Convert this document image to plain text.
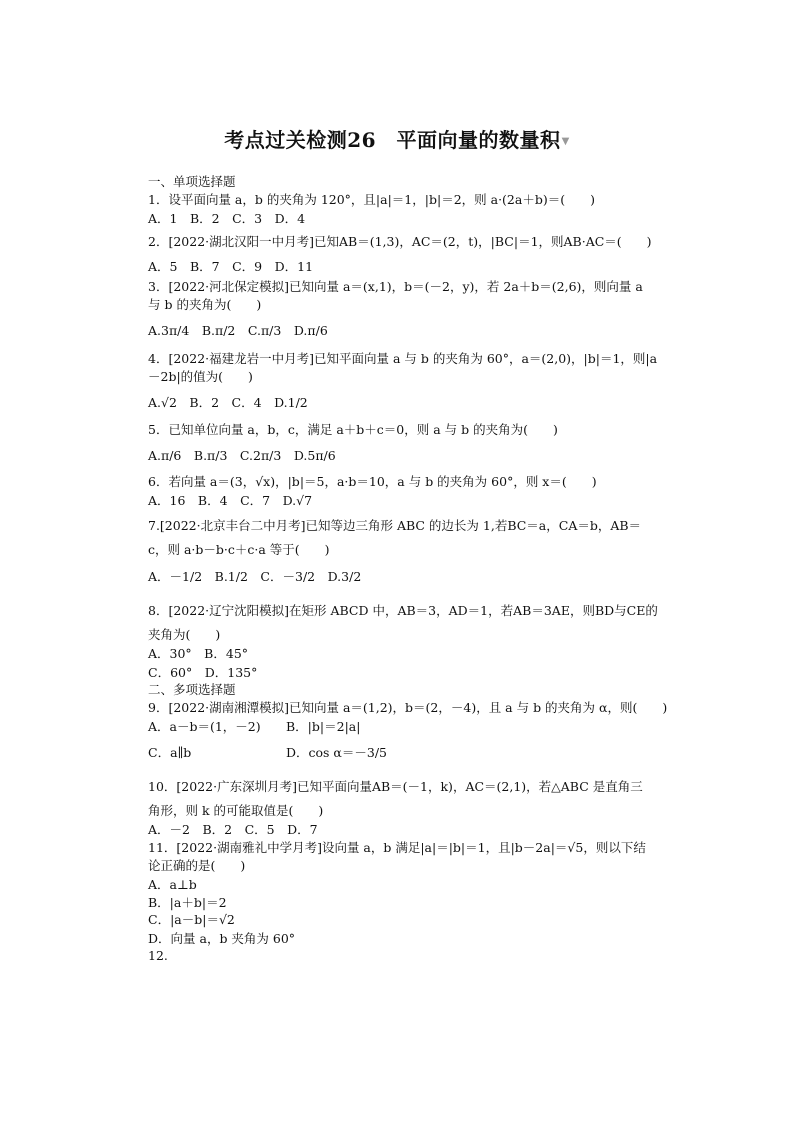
考点过关检测26　平面向量的数量积▼
一、单项选择题
1．设平面向量 a，b 的夹角为 120°，且|a|＝1，|b|＝2，则 a·(2a＋b)＝(　　)
A．1　B．2　C．3　D．4
2．[2022·湖北汉阳一中月考]已知AB＝(1,3)，AC＝(2，t)，|BC|＝1，则AB·AC＝(　　)
A．5　B．7　C．9　D．11
3．[2022·河北保定模拟]已知向量 a＝(x,1)，b＝(－2，y)，若 2a＋b＝(2,6)，则向量 a
与 b 的夹角为(　　)
A.3π/4　B.π/2　C.π/3　D.π/6
4．[2022·福建龙岩一中月考]已知平面向量 a 与 b 的夹角为 60°，a＝(2,0)，|b|＝1，则|a
－2b|的值为(　　)
A.√2　B．2　C．4　D.1/2
5．已知单位向量 a，b，c，满足 a＋b＋c＝0，则 a 与 b 的夹角为(　　)
A.π/6　B.π/3　C.2π/3　D.5π/6
6．若向量 a＝(3，√x)，|b|＝5，a·b＝10，a 与 b 的夹角为 60°，则 x＝(　　)
A．16　B．4　C．7　D.√7
7.[2022·北京丰台二中月考]已知等边三角形 ABC 的边长为 1,若BC＝a，CA＝b，AB＝
c，则 a·b－b·c＋c·a 等于(　　)
A．－1/2　B.1/2　C．－3/2　D.3/2
8．[2022·辽宁沈阳模拟]在矩形 ABCD 中，AB＝3，AD＝1，若AB＝3AE，则BD与CE的
夹角为(　　)
A．30°　B．45°
C．60°　D．135°
二、多项选择题
9．[2022·湖南湘潭模拟]已知向量 a＝(1,2)，b＝(2，－4)，且 a 与 b 的夹角为 α，则(　　)
A．a－b＝(1，－2)	B．|b|＝2|a|
C．a∥b	D．cos α＝－3/5
10．[2022·广东深圳月考]已知平面向量AB＝(－1，k)，AC＝(2,1)，若△ABC 是直角三
角形，则 k 的可能取值是(　　)
A．－2　B．2　C．5　D．7
11．[2022·湖南雅礼中学月考]设向量 a，b 满足|a|＝|b|＝1，且|b－2a|＝√5，则以下结
论正确的是(　　)
A．a⊥b
B．|a＋b|＝2
C．|a－b|＝√2
D．向量 a，b 夹角为 60°
12.
